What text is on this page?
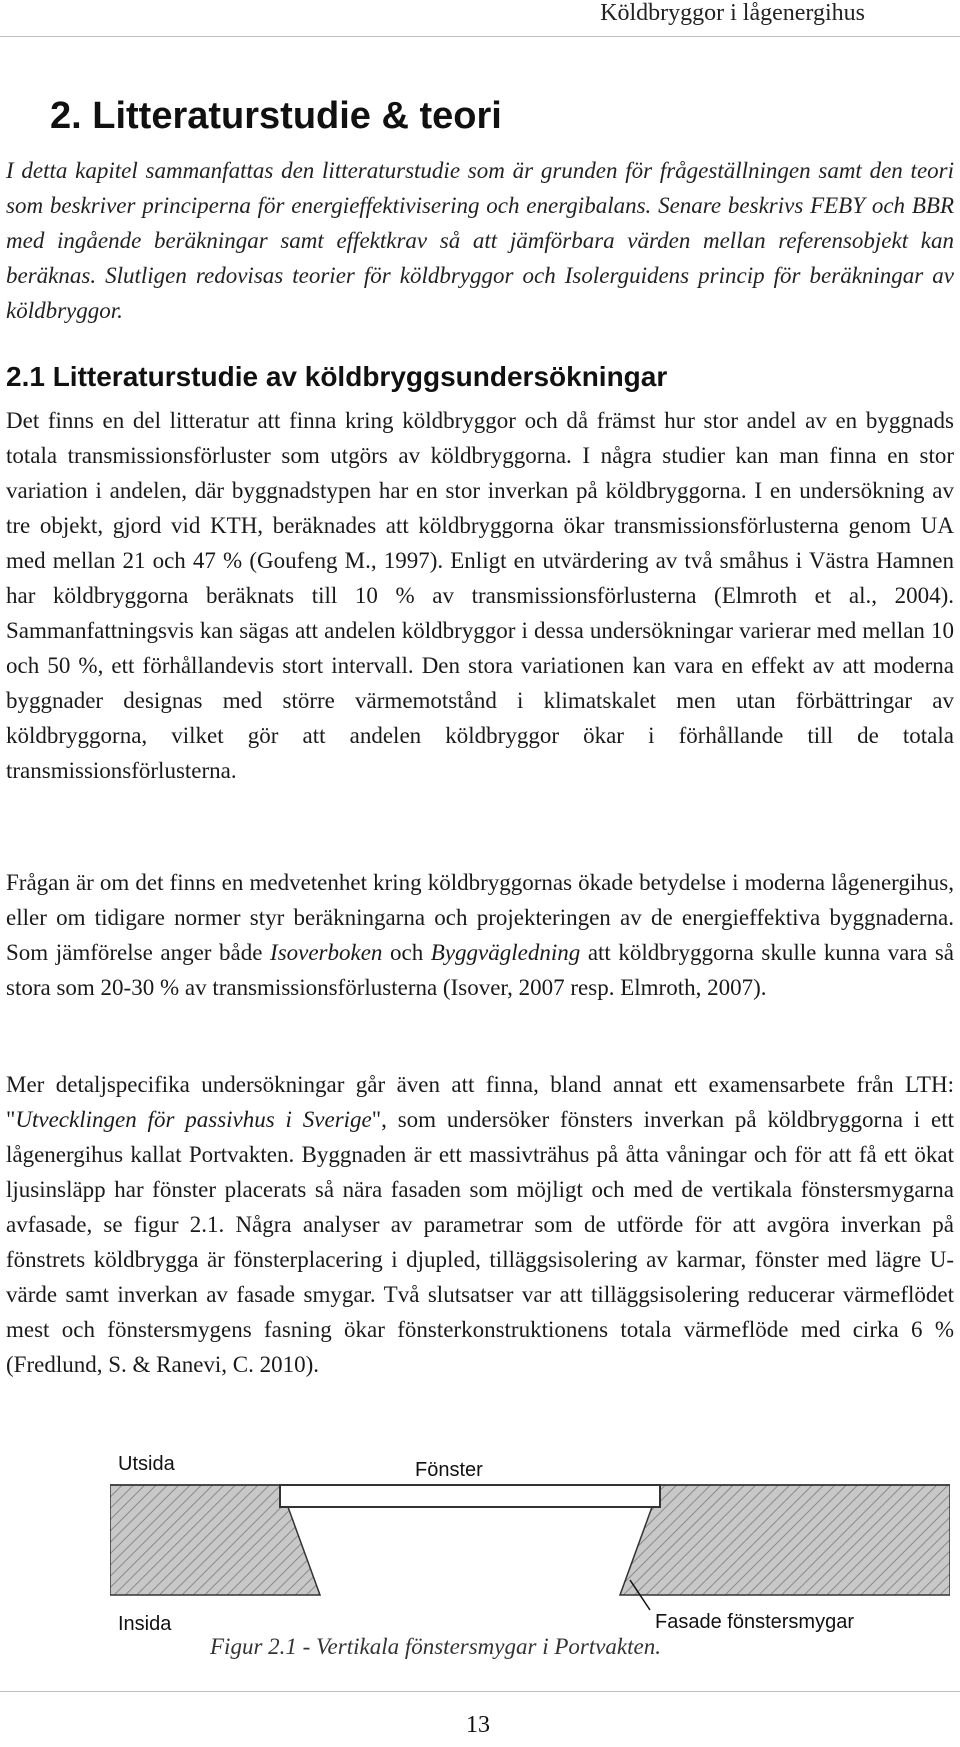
Köldbryggor i lågenergihus
2. Litteraturstudie & teori

I detta kapitel sammanfattas den litteraturstudie som är grunden för frågeställningen samt den teori som beskriver principerna för energieffektivisering och energibalans. Senare beskrivs FEBY och BBR med ingående beräkningar samt effektkrav så att jämförbara värden mellan referensobjekt kan beräknas. Slutligen redovisas teorier för köldbryggor och Isolerguidens princip för beräkningar av köldbryggor.

2.1 Litteraturstudie av köldbryggsundersökningar

Det finns en del litteratur att finna kring köldbryggor och då främst hur stor andel av en byggnads totala transmissionsförluster som utgörs av köldbryggorna. I några studier kan man finna en stor variation i andelen, där byggnadstypen har en stor inverkan på köldbryggorna. I en undersökning av tre objekt, gjord vid KTH, beräknades att köldbryggorna ökar transmissionsförlusterna genom UA med mellan 21 och 47 % (Goufeng M., 1997). Enligt en utvärdering av två småhus i Västra Hamnen har köldbryggorna beräknats till 10 % av transmissionsförlusterna (Elmroth et al., 2004). Sammanfattningsvis kan sägas att andelen köldbryggor i dessa undersökningar varierar med mellan 10 och 50 %, ett förhållandevis stort intervall. Den stora variationen kan vara en effekt av att moderna byggnader designas med större värmemotstånd i klimatskalet men utan förbättringar av köldbryggorna, vilket gör att andelen köldbryggor ökar i förhållande till de totala transmissionsförlusterna.

Frågan är om det finns en medvetenhet kring köldbryggornas ökade betydelse i moderna lågenergihus, eller om tidigare normer styr beräkningarna och projekteringen av de energieffektiva byggnaderna. Som jämförelse anger både Isoverboken och Byggvägledning att köldbryggorna skulle kunna vara så stora som 20-30 % av transmissionsförlusterna (Isover, 2007 resp. Elmroth, 2007).

Mer detaljspecifika undersökningar går även att finna, bland annat ett examensarbete från LTH: "Utvecklingen för passivhus i Sverige", som undersöker fönsters inverkan på köldbryggorna i ett lågenergihus kallat Portvakten. Byggnaden är ett massivträhus på åtta våningar och för att få ett ökat ljusinsläpp har fönster placerats så nära fasaden som möjligt och med de vertikala fönstersmygarna avfasade, se figur 2.1. Några analyser av parametrar som de utförde för att avgöra inverkan på fönstrets köldbrygga är fönsterplacering i djupled, tilläggsisolering av karmar, fönster med lägre U-värde samt inverkan av fasade smygar. Två slutsatser var att tilläggsisolering reducerar värmeflödet mest och fönstersmygens fasning ökar fönsterkonstruktionens totala värmeflöde med cirka 6 % (Fredlund, S. & Ranevi, C. 2010).

Utsida	Fönster
Insida	Fasade fönstersmygar
Figur 2.1 - Vertikala fönstersmygar i Portvakten.
13
